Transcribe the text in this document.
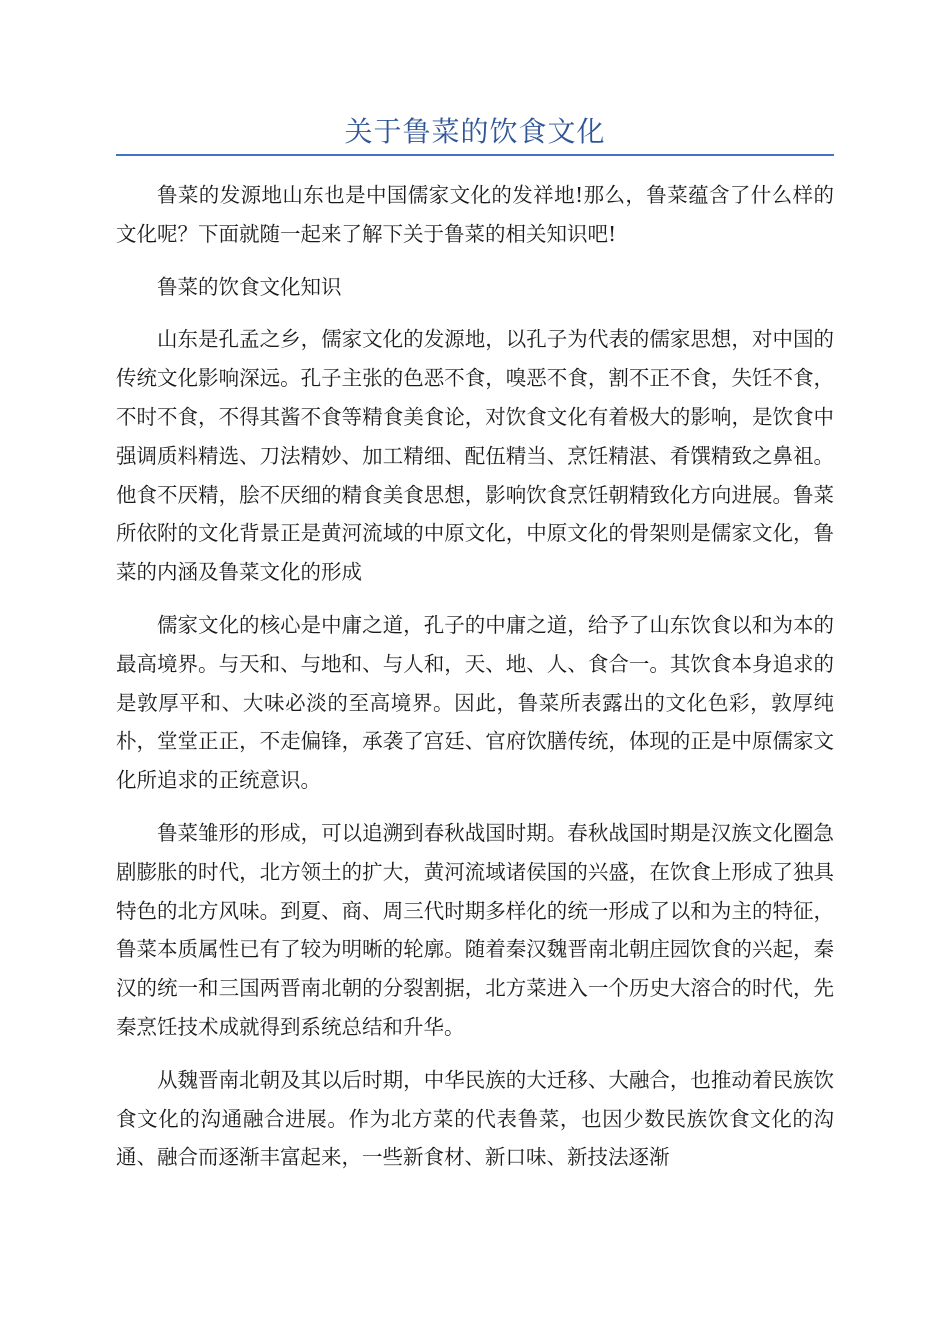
关于鲁菜的饮食文化

鲁菜的发源地山东也是中国儒家文化的发祥地!那么，鲁菜蕴含了什么样的文化呢？下面就随一起来了解下关于鲁菜的相关知识吧!

鲁菜的饮食文化知识

山东是孔孟之乡，儒家文化的发源地，以孔子为代表的儒家思想，对中国的传统文化影响深远。孔子主张的色恶不食，嗅恶不食，割不正不食，失饪不食，不时不食，不得其酱不食等精食美食论，对饮食文化有着极大的影响，是饮食中强调质料精选、刀法精妙、加工精细、配伍精当、烹饪精湛、肴馔精致之鼻祖。他食不厌精，脍不厌细的精食美食思想，影响饮食烹饪朝精致化方向进展。鲁菜所依附的文化背景正是黄河流域的中原文化，中原文化的骨架则是儒家文化，鲁菜的内涵及鲁菜文化的形成

儒家文化的核心是中庸之道，孔子的中庸之道，给予了山东饮食以和为本的最高境界。与天和、与地和、与人和，天、地、人、食合一。其饮食本身追求的是敦厚平和、大味必淡的至高境界。因此，鲁菜所表露出的文化色彩，敦厚纯朴，堂堂正正，不走偏锋，承袭了宫廷、官府饮膳传统，体现的正是中原儒家文化所追求的正统意识。

鲁菜雏形的形成，可以追溯到春秋战国时期。春秋战国时期是汉族文化圈急剧膨胀的时代，北方领土的扩大，黄河流域诸侯国的兴盛，在饮食上形成了独具特色的北方风味。到夏、商、周三代时期多样化的统一形成了以和为主的特征，鲁菜本质属性已有了较为明晰的轮廓。随着秦汉魏晋南北朝庄园饮食的兴起，秦汉的统一和三国两晋南北朝的分裂割据，北方菜进入一个历史大溶合的时代，先秦烹饪技术成就得到系统总结和升华。

从魏晋南北朝及其以后时期，中华民族的大迁移、大融合，也推动着民族饮食文化的沟通融合进展。作为北方菜的代表鲁菜，也因少数民族饮食文化的沟通、融合而逐渐丰富起来，一些新食材、新口味、新技法逐渐
